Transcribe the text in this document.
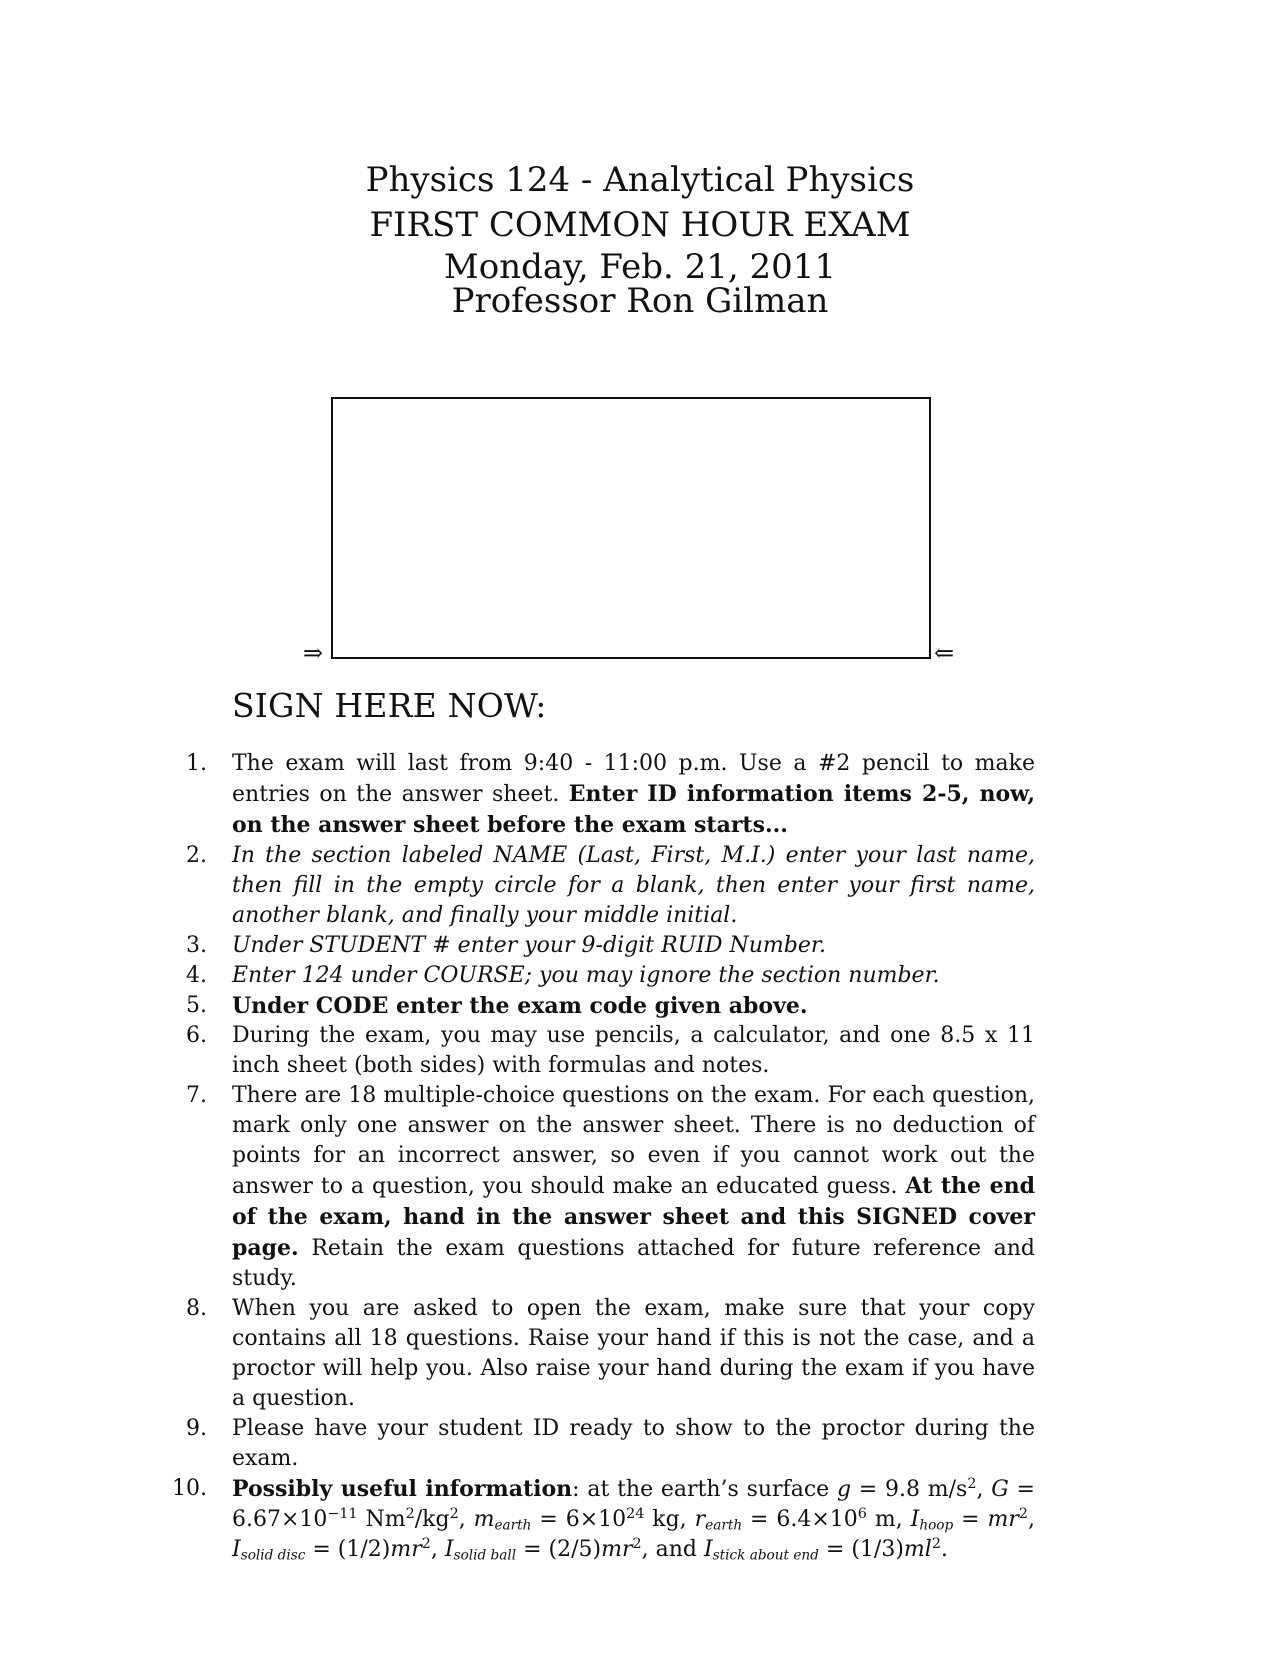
Physics 124 - Analytical Physics
FIRST COMMON HOUR EXAM
Monday, Feb. 21, 2011
Professor Ron Gilman
⇒	⇐
SIGN HERE NOW:
1. The exam will last from 9:40 - 11:00 p.m. Use a #2 pencil to make entries on the answer sheet. Enter ID information items 2-5, now, on the answer sheet before the exam starts...
2. In the section labeled NAME (Last, First, M.I.) enter your last name, then fill in the empty circle for a blank, then enter your first name, another blank, and finally your middle initial.
3. Under STUDENT # enter your 9-digit RUID Number.
4. Enter 124 under COURSE; you may ignore the section number.
5. Under CODE enter the exam code given above.
6. During the exam, you may use pencils, a calculator, and one 8.5 x 11 inch sheet (both sides) with formulas and notes.
7. There are 18 multiple-choice questions on the exam. For each question, mark only one answer on the answer sheet. There is no deduction of points for an incorrect answer, so even if you cannot work out the answer to a question, you should make an educated guess. At the end of the exam, hand in the answer sheet and this SIGNED cover page. Retain the exam questions attached for future reference and study.
8. When you are asked to open the exam, make sure that your copy contains all 18 questions. Raise your hand if this is not the case, and a proctor will help you. Also raise your hand during the exam if you have a question.
9. Please have your student ID ready to show to the proctor during the exam.
10. Possibly useful information: at the earth’s surface g = 9.8 $m/s^2$, $G = 6.67\times 10^{-11}$ $Nm^2/kg^2$, $m_{earth} = 6\times 10^{24}$ kg, $r_{earth} = 6.4\times 10^6$ m, $I_{hoop} = mr^2$, $I_{solid disc} = (1/2)mr^2$, $I_{solid ball} = (2/5)mr^2$, and $I_{stick about end} = (1/3)ml^2$.
